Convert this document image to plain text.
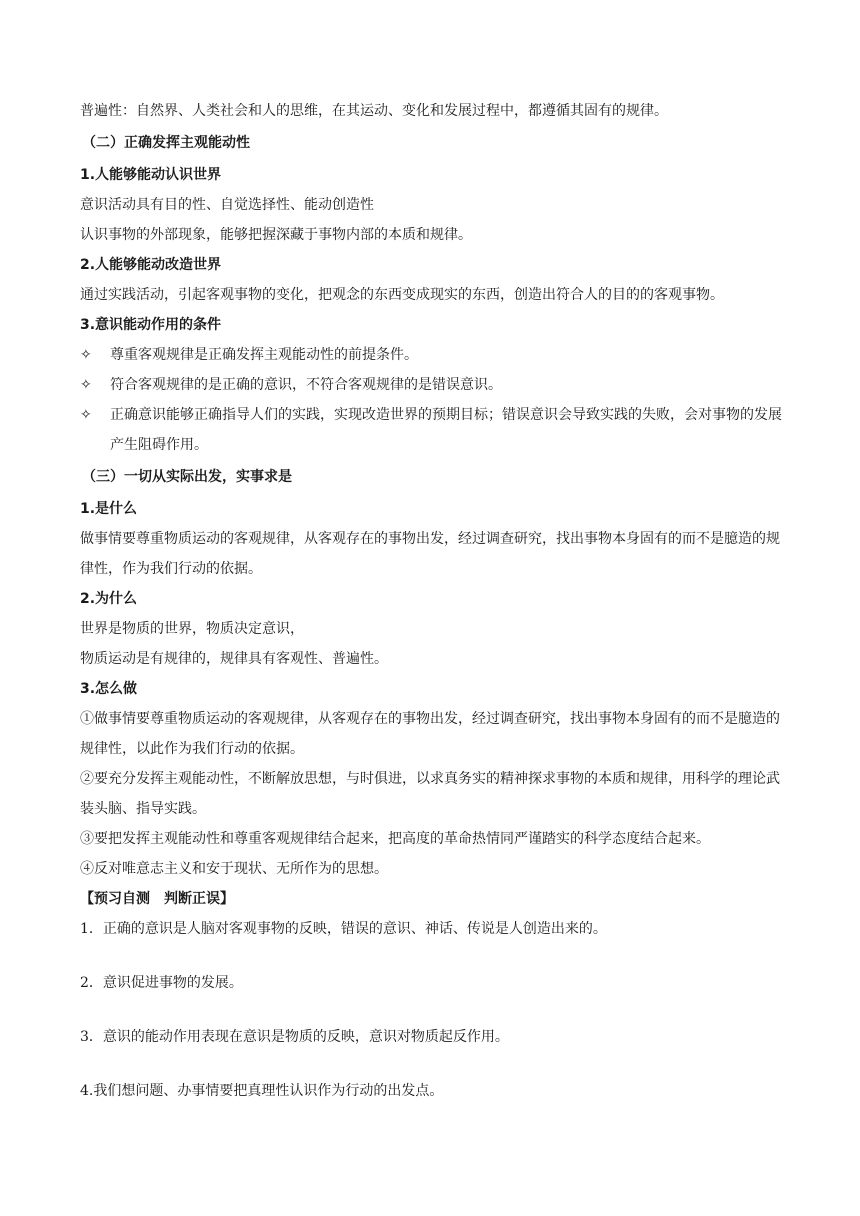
普遍性：自然界、人类社会和人的思维，在其运动、变化和发展过程中，都遵循其固有的规律。
（二）正确发挥主观能动性
1.人能够能动认识世界
意识活动具有目的性、自觉选择性、能动创造性
认识事物的外部现象，能够把握深藏于事物内部的本质和规律。
2.人能够能动改造世界
通过实践活动，引起客观事物的变化，把观念的东西变成现实的东西，创造出符合人的目的的客观事物。
3.意识能动作用的条件
✧	尊重客观规律是正确发挥主观能动性的前提条件。
✧	符合客观规律的是正确的意识，不符合客观规律的是错误意识。
✧	正确意识能够正确指导人们的实践，实现改造世界的预期目标；错误意识会导致实践的失败，会对事物的发展产生阻碍作用。
（三）一切从实际出发，实事求是
1.是什么
做事情要尊重物质运动的客观规律，从客观存在的事物出发，经过调查研究，找出事物本身固有的而不是臆造的规律性，作为我们行动的依据。
2.为什么
世界是物质的世界，物质决定意识，
物质运动是有规律的，规律具有客观性、普遍性。
3.怎么做
①做事情要尊重物质运动的客观规律，从客观存在的事物出发，经过调查研究，找出事物本身固有的而不是臆造的规律性，以此作为我们行动的依据。
②要充分发挥主观能动性，不断解放思想，与时俱进，以求真务实的精神探求事物的本质和规律，用科学的理论武装头脑、指导实践。
③要把发挥主观能动性和尊重客观规律结合起来，把高度的革命热情同严谨踏实的科学态度结合起来。
④反对唯意志主义和安于现状、无所作为的思想。
【预习自测　判断正误】
1．正确的意识是人脑对客观事物的反映，错误的意识、神话、传说是人创造出来的。
2．意识促进事物的发展。
3．意识的能动作用表现在意识是物质的反映，意识对物质起反作用。
4.我们想问题、办事情要把真理性认识作为行动的出发点。
